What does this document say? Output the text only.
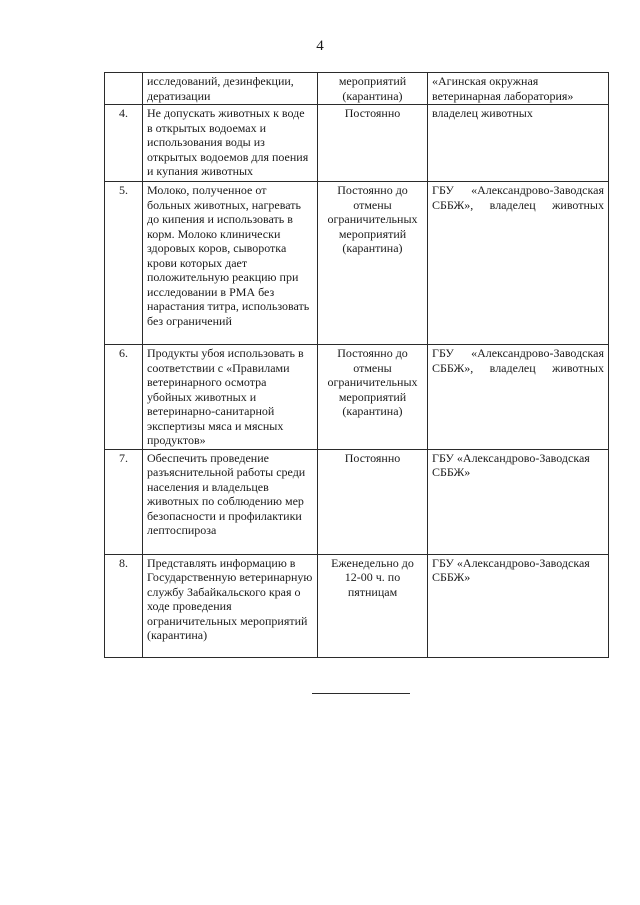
4
	исследований, дезинфекции, дератизации	мероприятий (карантина)	«Агинская окружная ветеринарная лаборатория»
4.	Не допускать животных к воде в открытых водоемах и использования воды из открытых водоемов для поения и купания животных	Постоянно	владелец животных
5.	Молоко, полученное от больных животных, нагревать до кипения и использовать в корм. Молоко клинически здоровых коров, сыворотка крови которых дает положительную реакцию при исследовании в РМА без нарастания титра, использовать без ограничений	Постоянно до отмены ограничительных мероприятий (карантина)	ГБУ «Александрово-Заводская СББЖ», владелец животных
6.	Продукты убоя использовать в соответствии с «Правилами ветеринарного осмотра убойных животных и ветеринарно-санитарной экспертизы мяса и мясных продуктов»	Постоянно до отмены ограничительных мероприятий (карантина)	ГБУ «Александрово-Заводская СББЖ», владелец животных
7.	Обеспечить проведение разъяснительной работы среди населения и владельцев животных по соблюдению мер безопасности и профилактики лептоспироза	Постоянно	ГБУ «Александрово-Заводская СББЖ»
8.	Представлять информацию в Государственную ветеринарную службу Забайкальского края о ходе проведения ограничительных мероприятий (карантина)	Еженедельно до 12-00 ч. по пятницам	ГБУ «Александрово-Заводская СББЖ»
